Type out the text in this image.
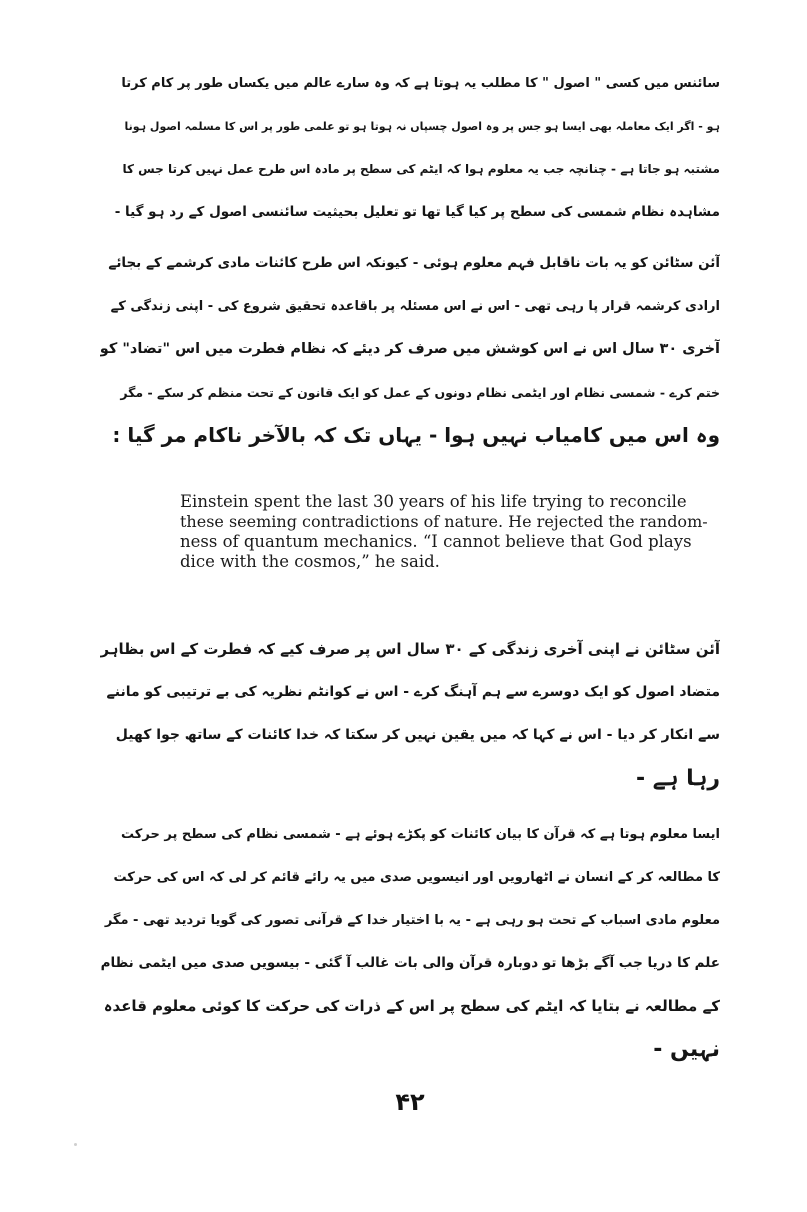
سائنس میں کسی " اصول " کا مطلب یہ ہوتا ہے کہ وہ سارے عالم میں یکساں طور پر کام کرتا
ہو - اگر ایک معاملہ بھی ایسا ہو جس پر وہ اصول چسپاں نہ ہوتا ہو تو علمی طور پر اس کا مسلمہ اصول ہونا
مشتبہ ہو جاتا ہے - چنانچہ جب یہ معلوم ہوا کہ ایٹم کی سطح پر مادہ اس طرح عمل نہیں کرتا جس کا
مشاہدہ نظام شمسی کی سطح پر کیا گیا تھا تو تعلیل بحیثیت سائنسی اصول کے رد ہو گیا -
آئن سٹائن کو یہ بات ناقابل فہم معلوم ہوئی - کیونکہ اس طرح کائنات مادی کرشمے کے بجائے
ارادی کرشمہ قرار پا رہی تھی - اس نے اس مسئلہ پر باقاعدہ تحقیق شروع کی - اپنی زندگی کے
آخری ۳۰ سال اس نے اس کوشش میں صرف کر دیئے کہ نظام فطرت میں اس "تضاد" کو
ختم کرے - شمسی نظام اور ایٹمی نظام دونوں کے عمل کو ایک قانون کے تحت منظم کر سکے - مگر
وہ اس میں کامیاب نہیں ہوا - یہاں تک کہ بالآخر ناکام مر گیا :
Einstein spent the last 30 years of his life trying to reconcile
these seeming contradictions of nature. He rejected the random-
ness of quantum mechanics. “I cannot believe that God plays
dice with the cosmos,” he said.
آئن سٹائن نے اپنی آخری زندگی کے ۳۰ سال اس پر صرف کیے کہ فطرت کے اس بظاہر
متضاد اصول کو ایک دوسرے سے ہم آہنگ کرے - اس نے کوانٹم نظریہ کی بے ترتیبی کو ماننے
سے انکار کر دیا - اس نے کہا کہ میں یقین نہیں کر سکتا کہ خدا کائنات کے ساتھ جوا کھیل
رہا ہے -
ایسا معلوم ہوتا ہے کہ قرآن کا بیان کائنات کو پکڑے ہوئے ہے - شمسی نظام کی سطح پر حرکت
کا مطالعہ کر کے انسان نے اٹھارویں اور انیسویں صدی میں یہ رائے قائم کر لی کہ اس کی حرکت
معلوم مادی اسباب کے تحت ہو رہی ہے - یہ با اختیار خدا کے قرآنی تصور کی گویا تردید تھی - مگر
علم کا دریا جب آگے بڑھا تو دوبارہ قرآن والی بات غالب آ گئی - بیسویں صدی میں ایٹمی نظام
کے مطالعہ نے بتایا کہ ایٹم کی سطح پر اس کے ذرات کی حرکت کا کوئی معلوم قاعدہ
نہیں -
۴۲
